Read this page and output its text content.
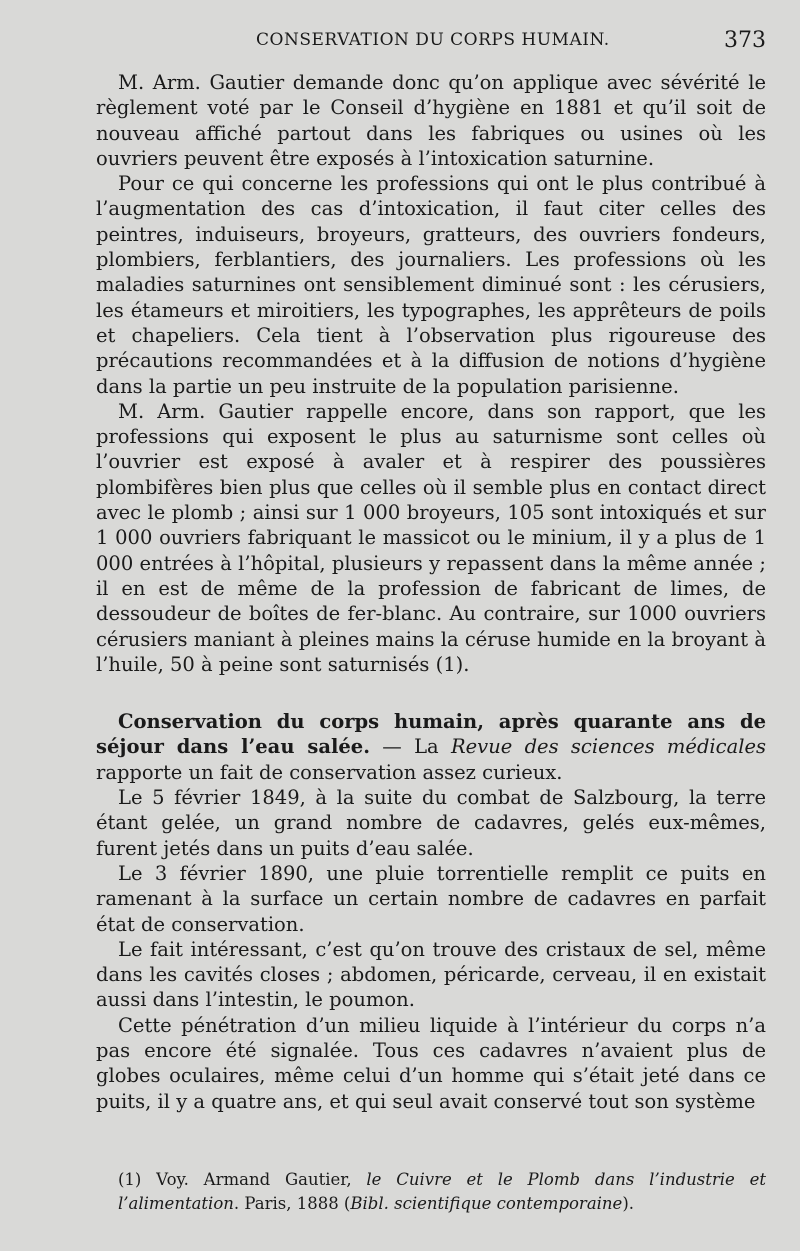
CONSERVATION DU CORPS HUMAIN.	373

M. Arm. Gautier demande donc qu’on applique avec sévérité le règlement voté par le Conseil d’hygiène en 1881 et qu’il soit de nouveau affiché partout dans les fabriques ou usines où les ouvriers peuvent être exposés à l’intoxication saturnine.

Pour ce qui concerne les professions qui ont le plus contribué à l’augmentation des cas d’intoxication, il faut citer celles des peintres, induiseurs, broyeurs, gratteurs, des ouvriers fondeurs, plombiers, ferblantiers, des journaliers. Les professions où les maladies saturnines ont sensiblement diminué sont : les cérusiers, les étameurs et miroitiers, les typographes, les apprêteurs de poils et chapeliers. Cela tient à l’observation plus rigoureuse des précautions recommandées et à la diffusion de notions d’hygiène dans la partie un peu instruite de la population parisienne.

M. Arm. Gautier rappelle encore, dans son rapport, que les professions qui exposent le plus au saturnisme sont celles où l’ouvrier est exposé à avaler et à respirer des poussières plombifères bien plus que celles où il semble plus en contact direct avec le plomb ; ainsi sur 1 000 broyeurs, 105 sont intoxiqués et sur 1 000 ouvriers fabriquant le massicot ou le minium, il y a plus de 1 000 entrées à l’hôpital, plusieurs y repassent dans la même année ; il en est de même de la profession de fabricant de limes, de dessoudeur de boîtes de fer-blanc. Au contraire, sur 1000 ouvriers cérusiers maniant à pleines mains la céruse humide en la broyant à l’huile, 50 à peine sont saturnisés (1).

Conservation du corps humain, après quarante ans de séjour dans l’eau salée. — La Revue des sciences médicales rapporte un fait de conservation assez curieux.

Le 5 février 1849, à la suite du combat de Salzbourg, la terre étant gelée, un grand nombre de cadavres, gelés eux-mêmes, furent jetés dans un puits d’eau salée.

Le 3 février 1890, une pluie torrentielle remplit ce puits en ramenant à la surface un certain nombre de cadavres en parfait état de conservation.

Le fait intéressant, c’est qu’on trouve des cristaux de sel, même dans les cavités closes ; abdomen, péricarde, cerveau, il en existait aussi dans l’intestin, le poumon.

Cette pénétration d’un milieu liquide à l’intérieur du corps n’a pas encore été signalée. Tous ces cadavres n’avaient plus de globes oculaires, même celui d’un homme qui s’était jeté dans ce puits, il y a quatre ans, et qui seul avait conservé tout son système

(1) Voy. Armand Gautier, le Cuivre et le Plomb dans l’industrie et l’alimentation. Paris, 1888 (Bibl. scientifique contemporaine).
